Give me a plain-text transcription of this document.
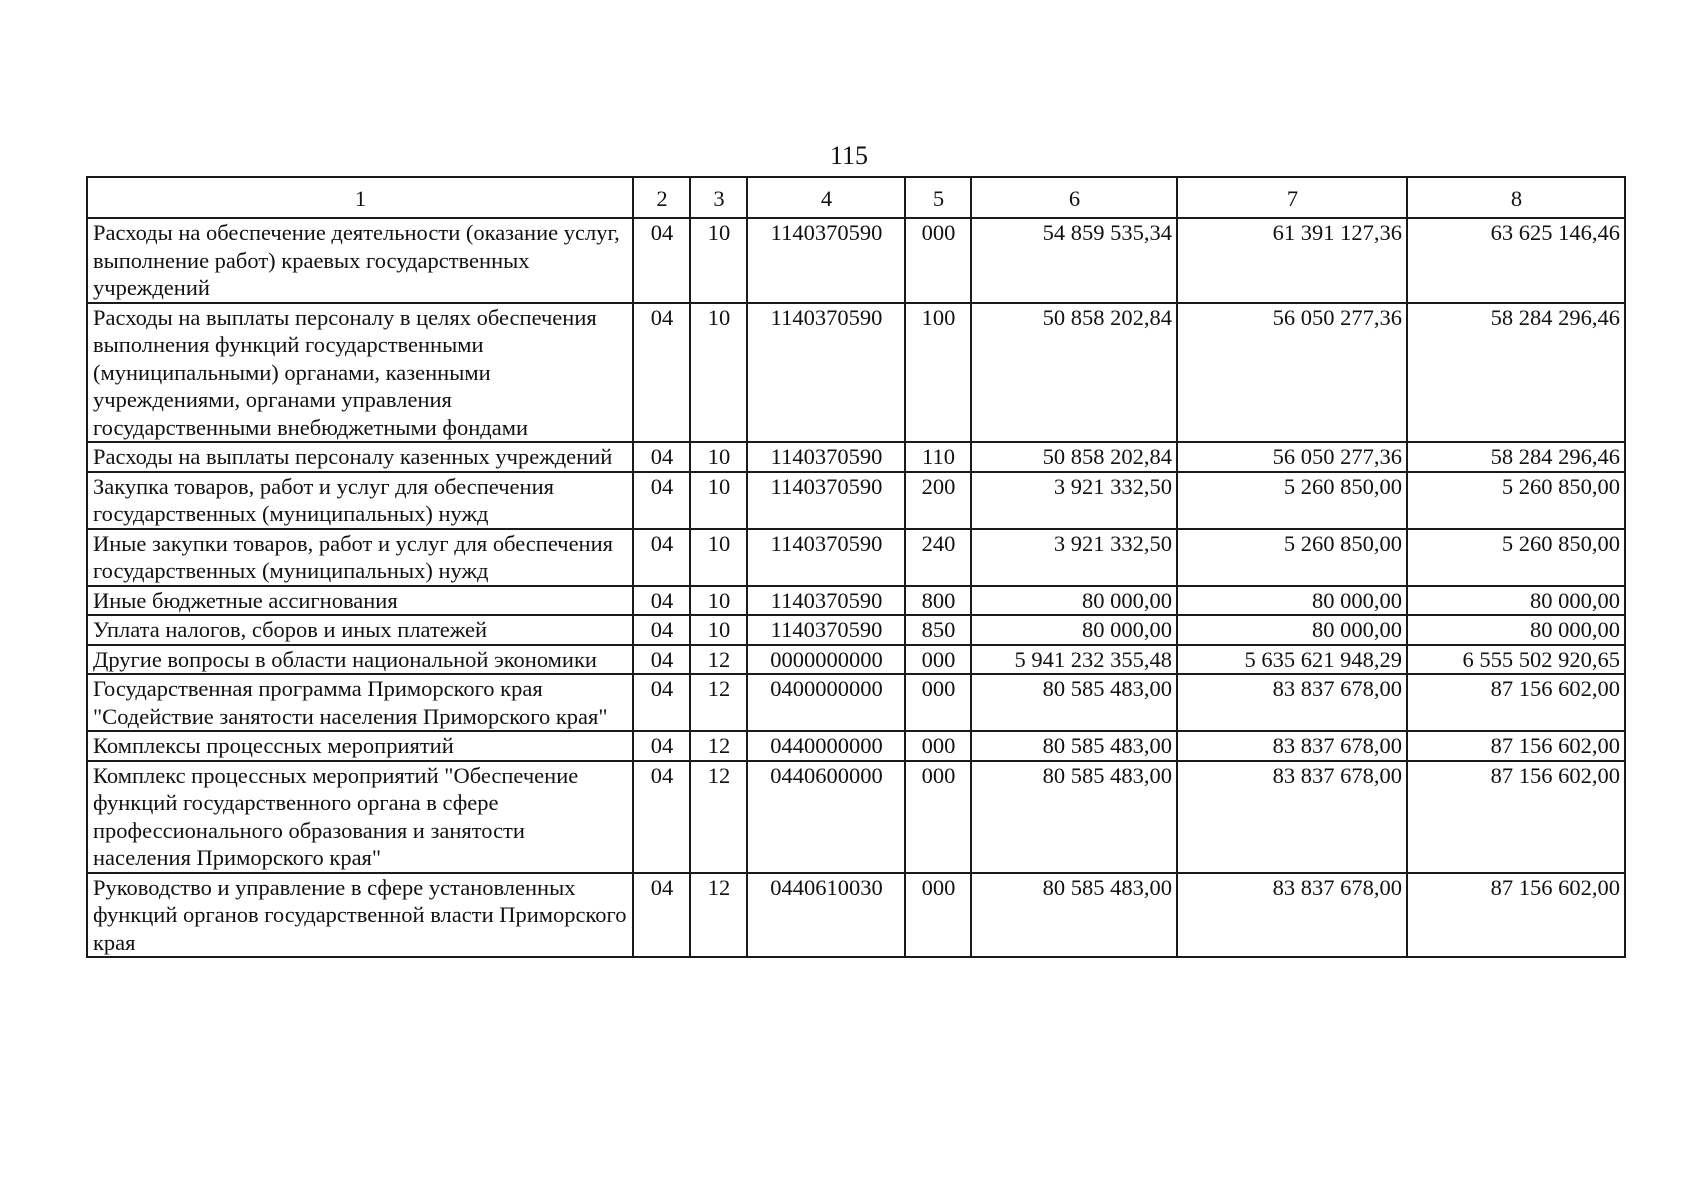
115
1	2	3	4	5	6	7	8
Расходы на обеспечение деятельности (оказание услуг, выполнение работ) краевых государственных учреждений	04	10	1140370590	000	54 859 535,34	61 391 127,36	63 625 146,46
Расходы на выплаты персоналу в целях обеспечения выполнения функций государственными (муниципальными) органами, казенными учреждениями, органами управления государственными внебюджетными фондами	04	10	1140370590	100	50 858 202,84	56 050 277,36	58 284 296,46
Расходы на выплаты персоналу казенных учреждений	04	10	1140370590	110	50 858 202,84	56 050 277,36	58 284 296,46
Закупка товаров, работ и услуг для обеспечения государственных (муниципальных) нужд	04	10	1140370590	200	3 921 332,50	5 260 850,00	5 260 850,00
Иные закупки товаров, работ и услуг для обеспечения государственных (муниципальных) нужд	04	10	1140370590	240	3 921 332,50	5 260 850,00	5 260 850,00
Иные бюджетные ассигнования	04	10	1140370590	800	80 000,00	80 000,00	80 000,00
Уплата налогов, сборов и иных платежей	04	10	1140370590	850	80 000,00	80 000,00	80 000,00
Другие вопросы в области национальной экономики	04	12	0000000000	000	5 941 232 355,48	5 635 621 948,29	6 555 502 920,65
Государственная программа Приморского края "Содействие занятости населения Приморского края"	04	12	0400000000	000	80 585 483,00	83 837 678,00	87 156 602,00
Комплексы процессных мероприятий	04	12	0440000000	000	80 585 483,00	83 837 678,00	87 156 602,00
Комплекс процессных мероприятий "Обеспечение функций государственного органа в сфере профессионального образования и занятости населения Приморского края"	04	12	0440600000	000	80 585 483,00	83 837 678,00	87 156 602,00
Руководство и управление в сфере установленных функций органов государственной власти Приморского края	04	12	0440610030	000	80 585 483,00	83 837 678,00	87 156 602,00
